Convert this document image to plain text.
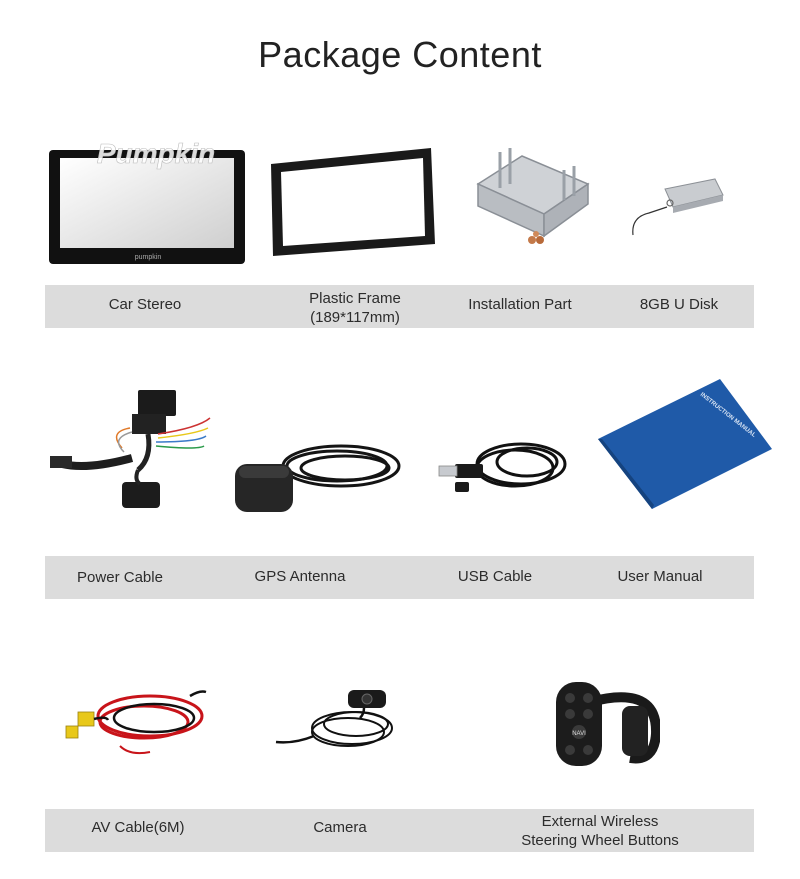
Package Content
pumpkin
Pumpkin
Car Stereo	Plastic Frame
(189*117mm)
Installation Part	8GB U Disk
INSTRUCTION MANUAL
Power Cable	GPS Antenna	USB Cable	User Manual
NAVI
AV Cable(6M)	Camera	External Wireless
Steering Wheel Buttons
